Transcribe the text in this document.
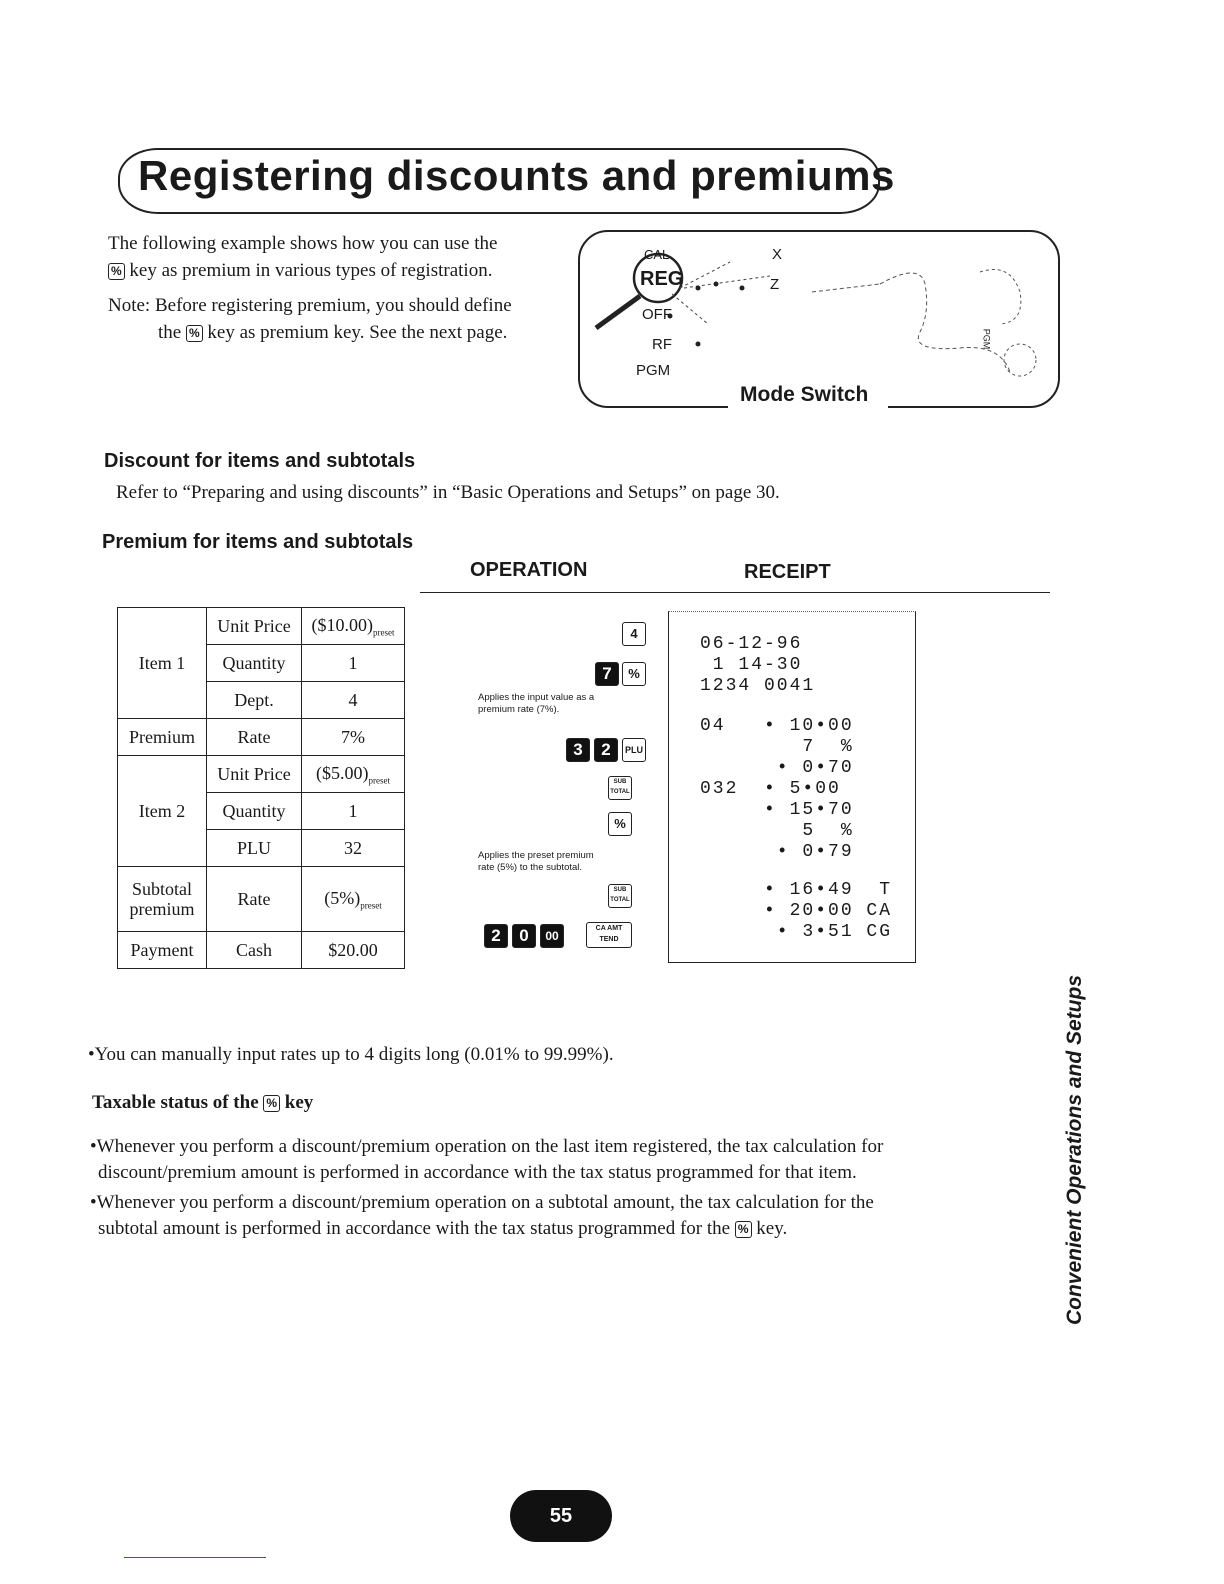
Registering discounts and premiums
The following example shows how you can use the
% key as premium in various types of registration.
Note: Before registering premium, you should define
the % key as premium key. See the next page.
CAL
REG
OFF
RF
PGM
X
Z
PGM
Mode Switch
Discount for items and subtotals
Refer to “Preparing and using discounts” in “Basic Operations and Setups” on page 30.
Premium for items and subtotals
OPERATION	RECEIPT
Item 1	Unit Price	$(\$10.00)_{preset}$
	Quantity	1
	Dept.	4
Premium	Rate	7%
Item 2	Unit Price	$(\$5.00)_{preset}$
	Quantity	1
	PLU	32
Subtotal
premium	Rate	$(5\%)_{preset}$
Payment	Cash	$20.00
4
7	%
Applies the input value as a
premium rate (7%).
3	2	PLU
SUB TOTAL
%
Applies the preset premium
rate (5%) to the subtotal.
SUB TOTAL
2	0	00
CA AMT TEND
06-12-96
1 14-30
1234 0041
04   • 10•00
7  %
• 0•70
032  • 5•00
• 15•70
5  %
• 0•79
• 16•49  T
• 20•00 CA
• 3•51 CG
•You can manually input rates up to 4 digits long (0.01% to 99.99%).
Taxable status of the % key
•Whenever you perform a discount/premium operation on the last item registered, the tax calculation for
discount/premium amount is performed in accordance with the tax status programmed for that item.
•Whenever you perform a discount/premium operation on a subtotal amount, the tax calculation for the
subtotal amount is performed in accordance with the tax status programmed for the % key.	Convenient Operations and Setups
55
